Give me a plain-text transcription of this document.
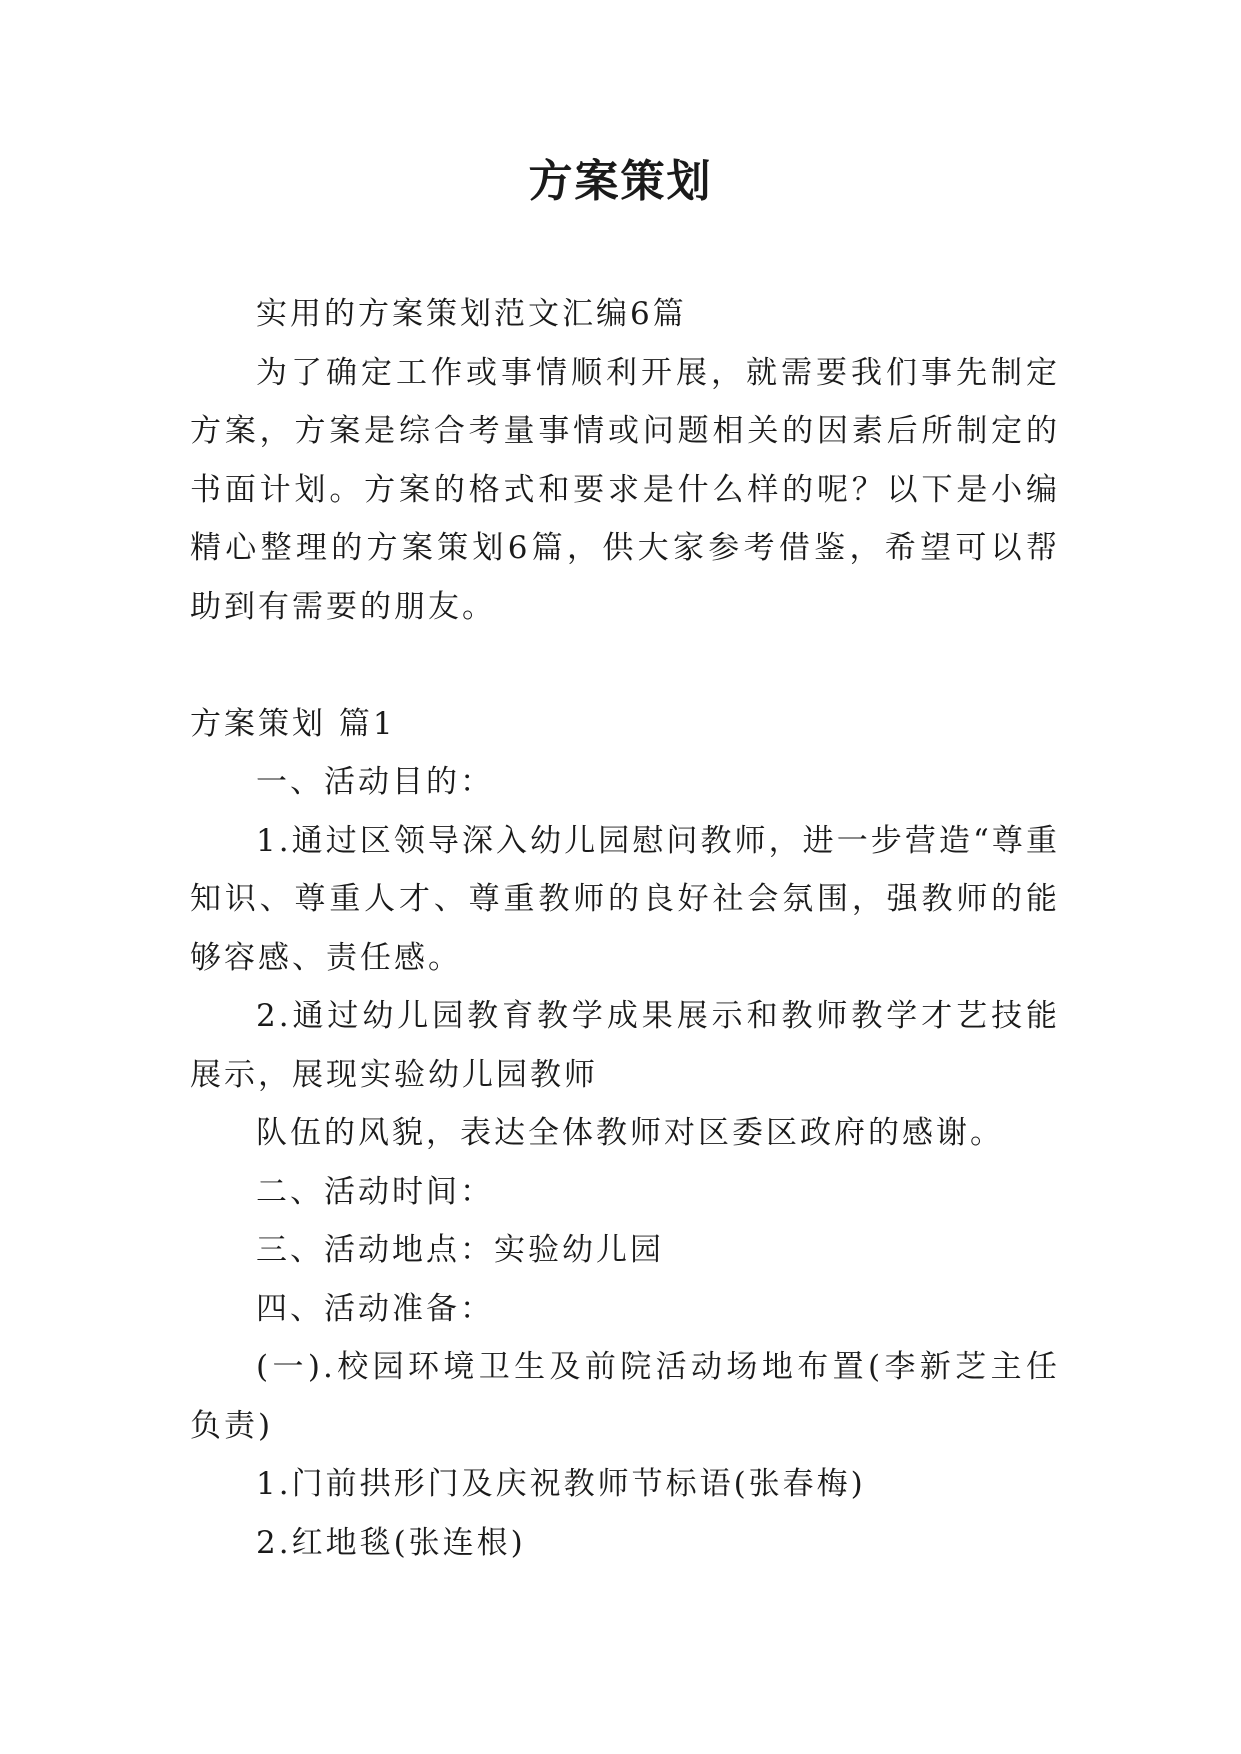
方案策划

实用的方案策划范文汇编6篇

为了确定工作或事情顺利开展，就需要我们事先制定方案，方案是综合考量事情或问题相关的因素后所制定的书面计划。方案的格式和要求是什么样的呢？以下是小编精心整理的方案策划6篇，供大家参考借鉴，希望可以帮助到有需要的朋友。

方案策划 篇1

一、活动目的：

1.通过区领导深入幼儿园慰问教师，进一步营造“尊重知识、尊重人才、尊重教师的良好社会氛围，强教师的能够容感、责任感。

2.通过幼儿园教育教学成果展示和教师教学才艺技能展示，展现实验幼儿园教师

队伍的风貌，表达全体教师对区委区政府的感谢。

二、活动时间：

三、活动地点：实验幼儿园

四、活动准备：

(一).校园环境卫生及前院活动场地布置(李新芝主任负责)

1.门前拱形门及庆祝教师节标语(张春梅)

2.红地毯(张连根)
